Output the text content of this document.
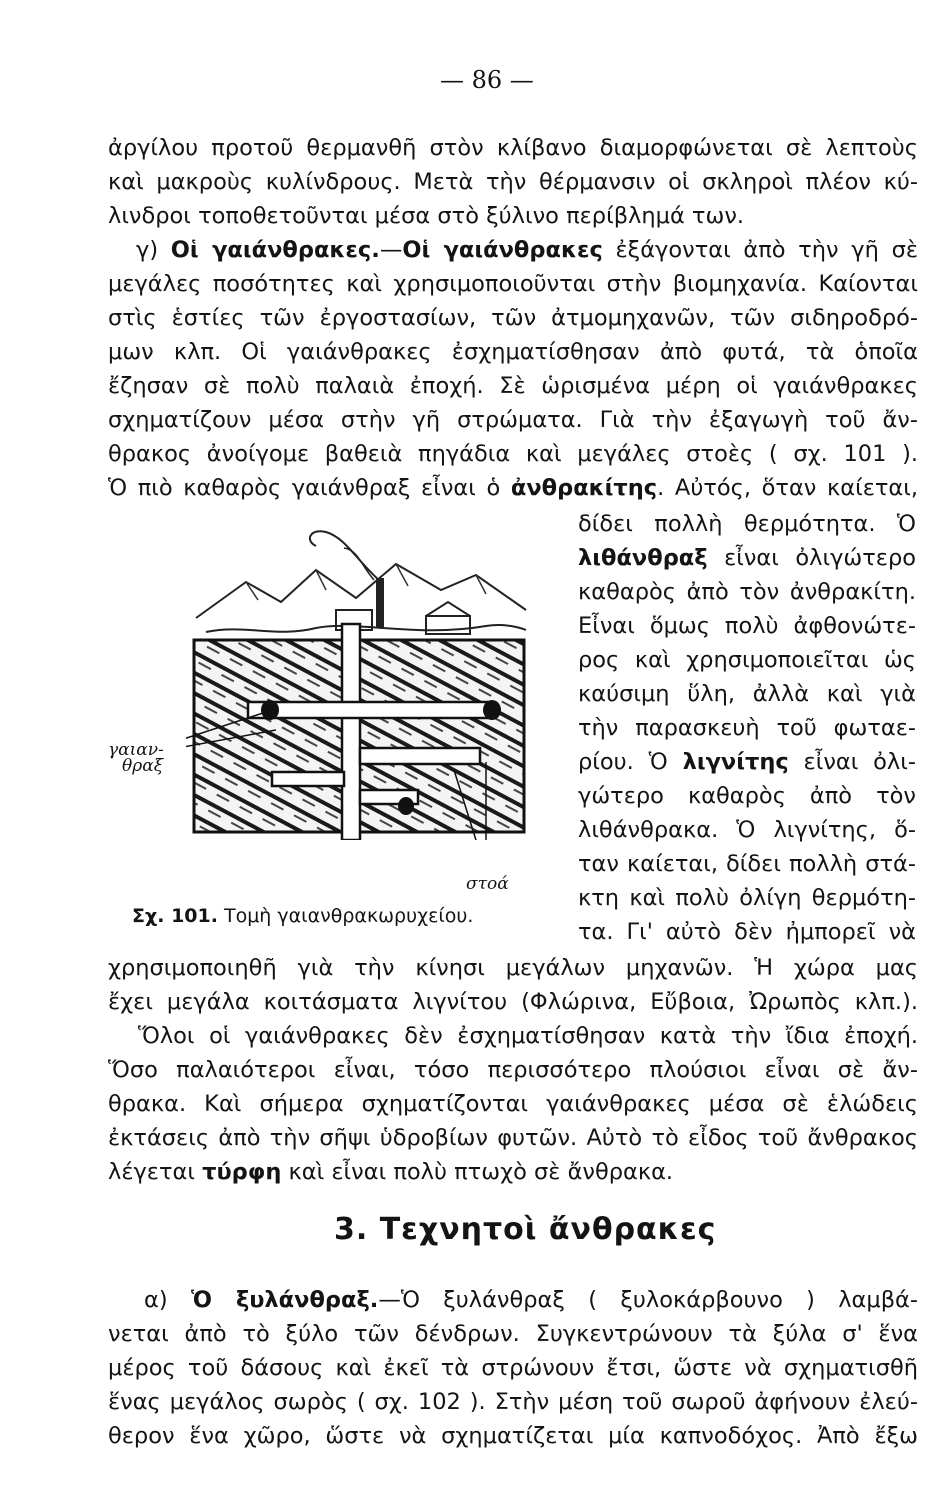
— 86 —
ἀργίλου προτοῦ θερμανθῆ στὸν κλίβανο διαμορφώνεται σὲ λεπτοὺς
καὶ μακροὺς κυλίνδρους. Μετὰ τὴν θέρμανσιν οἱ σκληροὶ πλέον κύ-
λινδροι τοποθετοῦνται μέσα στὸ ξύλινο περίβλημά των.
γ) Οἱ γαιάνθρακες.—Οἱ γαιάνθρακες ἐξάγονται ἀπὸ τὴν γῆ σὲ
μεγάλες ποσότητες καὶ χρησιμοποιοῦνται στὴν βιομηχανία. Καίονται
στὶς ἑστίες τῶν ἐργοστασίων, τῶν ἀτμομηχανῶν, τῶν σιδηροδρό-
μων κλπ. Οἱ γαιάνθρακες ἐσχηματίσθησαν ἀπὸ φυτά, τὰ ὁποῖα
ἔζησαν σὲ πολὺ παλαιὰ ἐποχή. Σὲ ὡρισμένα μέρη οἱ γαιάνθρακες
σχηματίζουν μέσα στὴν γῆ στρώματα. Γιὰ τὴν ἐξαγωγὴ τοῦ ἄν-
θρακος ἀνοίγομε βαθειὰ πηγάδια καὶ μεγάλες στοὲς ( σχ. 101 ).
Ὁ πιὸ καθαρὸς γαιάνθραξ εἶναι ὁ ἀνθρακίτης. Αὐτός, ὅταν καίεται,
δίδει πολλὴ θερμότητα. Ὁ
λιθάνθραξ εἶναι ὀλιγώτερο
καθαρὸς ἀπὸ τὸν ἀνθρακίτη.
Εἶναι ὅμως πολὺ ἀφθονώτε-
ρος καὶ χρησιμοποιεῖται ὡς
καύσιμη ὕλη, ἀλλὰ καὶ γιὰ
τὴν παρασκευὴ τοῦ φωταε-
ρίου. Ὁ λιγνίτης εἶναι ὀλι-
γώτερο καθαρὸς ἀπὸ τὸν
λιθάνθρακα. Ὁ λιγνίτης, ὅ-
ταν καίεται, δίδει πολλὴ στά-
κτη καὶ πολὺ ὀλίγη θερμότη-
τα. Γι' αὐτὸ δὲν ἠμπορεῖ νὰ
γαιαν-
θραξ
στοά
Σχ. 101. Τομὴ γαιανθρακωρυχείου.
χρησιμοποιηθῆ γιὰ τὴν κίνησι μεγάλων μηχανῶν. Ἡ χώρα μας
ἔχει μεγάλα κοιτάσματα λιγνίτου (Φλώρινα, Εὔβοια, Ὠρωπὸς κλπ.).
Ὅλοι οἱ γαιάνθρακες δὲν ἐσχηματίσθησαν κατὰ τὴν ἴδια ἐποχή.
Ὅσο παλαιότεροι εἶναι, τόσο περισσότερο πλούσιοι εἶναι σὲ ἄν-
θρακα. Καὶ σήμερα σχηματίζονται γαιάνθρακες μέσα σὲ ἑλώδεις
ἐκτάσεις ἀπὸ τὴν σῆψι ὑδροβίων φυτῶν. Αὐτὸ τὸ εἶδος τοῦ ἄνθρακος
λέγεται τύρφη καὶ εἶναι πολὺ πτωχὸ σὲ ἄνθρακα.
3. Τεχνητοὶ ἄνθρακες
α) Ὁ ξυλάνθραξ.—Ὁ ξυλάνθραξ ( ξυλοκάρβουνο ) λαμβά-
νεται ἀπὸ τὸ ξύλο τῶν δένδρων. Συγκεντρώνουν τὰ ξύλα σ' ἕνα
μέρος τοῦ δάσους καὶ ἐκεῖ τὰ στρώνουν ἔτσι, ὥστε νὰ σχηματισθῆ
ἕνας μεγάλος σωρὸς ( σχ. 102 ). Στὴν μέση τοῦ σωροῦ ἀφήνουν ἐλεύ-
θερον ἕνα χῶρο, ὥστε νὰ σχηματίζεται μία καπνοδόχος. Ἀπὸ ἔξω
